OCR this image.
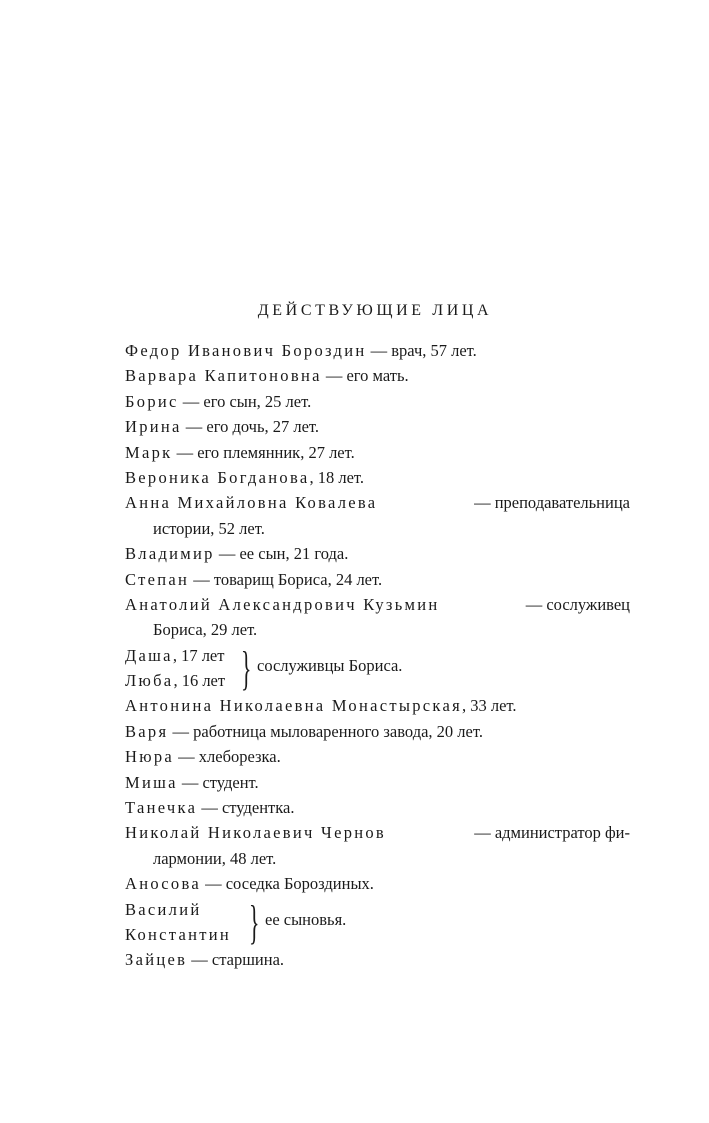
ДЕЙСТВУЮЩИЕ ЛИЦА
Федор Иванович Бороздин — врач, 57 лет.
Варвара Капитоновна — его мать.
Борис — его сын, 25 лет.
Ирина — его дочь, 27 лет.
Марк — его племянник, 27 лет.
Вероника Богданова, 18 лет.
Анна Михайловна Ковалева	— преподавательница
истории, 52 лет.
Владимир — ее сын, 21 года.
Степан — товарищ Бориса, 24 лет.
Анатолий Александрович Кузьмин	— сослуживец
Бориса, 29 лет.
Даша, 17 лет
Люба, 16 лет } сослуживцы Бориса.
Антонина Николаевна Монастырская, 33 лет.
Варя — работница мыловаренного завода, 20 лет.
Нюра — хлеборезка.
Миша — студент.
Танечка — студентка.
Николай Николаевич Чернов	— администратор фи-
лармонии, 48 лет.
Аносова — соседка Бороздиных.
Василий
Константин } ее сыновья.
Зайцев — старшина.
